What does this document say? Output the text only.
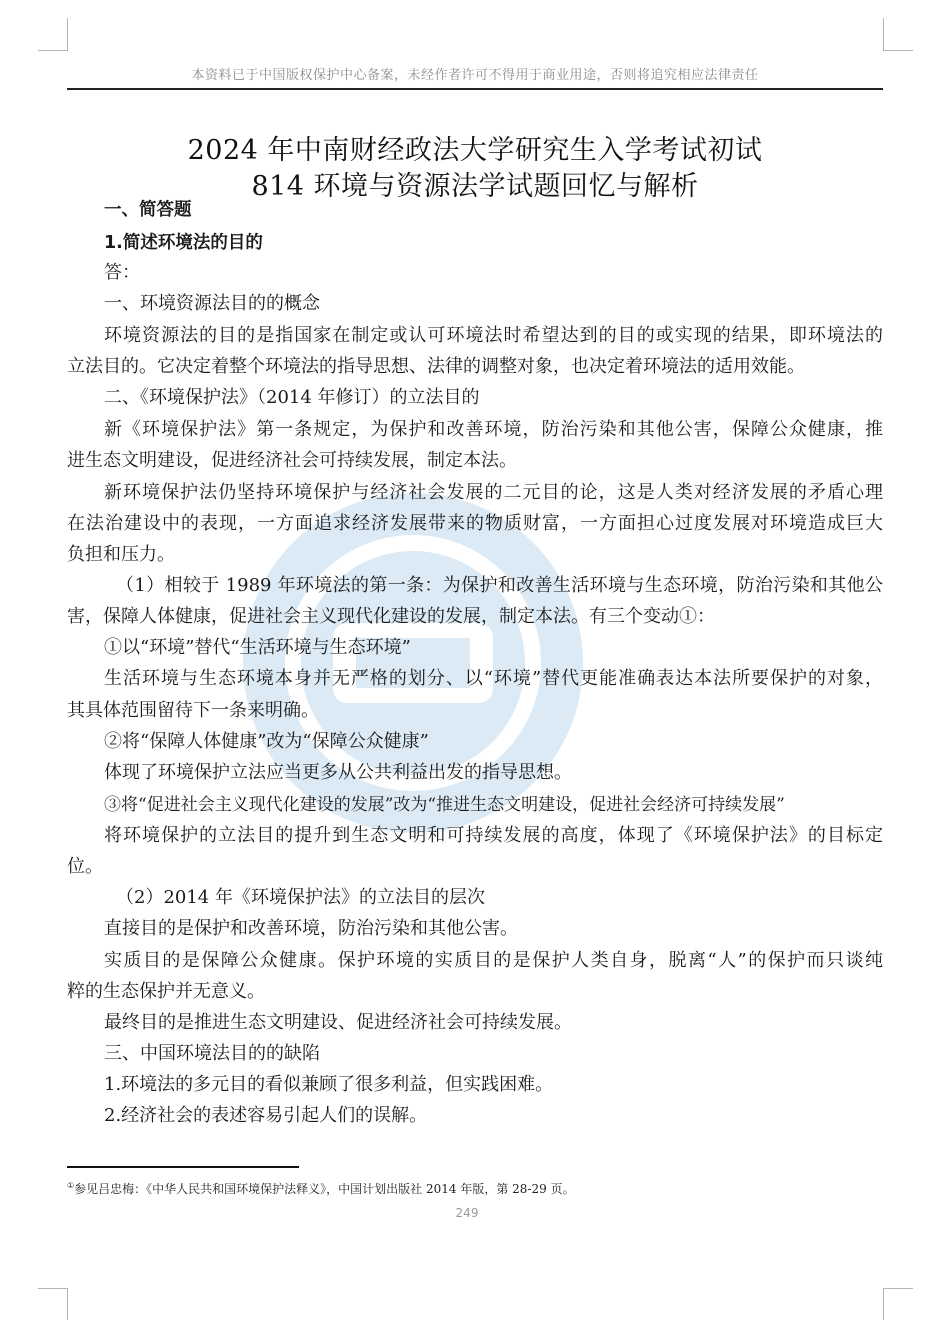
本资料已于中国版权保护中心备案，未经作者许可不得用于商业用途，否则将追究相应法律责任
2024 年中南财经政法大学研究生入学考试初试
814 环境与资源法学试题回忆与解析
一、简答题
1.简述环境法的目的
答：
一、环境资源法目的的概念
环境资源法的目的是指国家在制定或认可环境法时希望达到的目的或实现的结果，即环境法的
立法目的。它决定着整个环境法的指导思想、法律的调整对象，也决定着环境法的适用效能。
二、《环境保护法》（2014 年修订）的立法目的
新《环境保护法》第一条规定，为保护和改善环境，防治污染和其他公害，保障公众健康，推
进生态文明建设，促进经济社会可持续发展，制定本法。
新环境保护法仍坚持环境保护与经济社会发展的二元目的论，这是人类对经济发展的矛盾心理
在法治建设中的表现，一方面追求经济发展带来的物质财富，一方面担心过度发展对环境造成巨大
负担和压力。
（1）相较于 1989 年环境法的第一条：为保护和改善生活环境与生态环境，防治污染和其他公
害，保障人体健康，促进社会主义现代化建设的发展，制定本法。有三个变动①：
①以“环境”替代“生活环境与生态环境”
生活环境与生态环境本身并无严格的划分、以“环境”替代更能准确表达本法所要保护的对象，
其具体范围留待下一条来明确。
②将“保障人体健康”改为“保障公众健康”
体现了环境保护立法应当更多从公共利益出发的指导思想。
③将“促进社会主义现代化建设的发展”改为“推进生态文明建设，促进社会经济可持续发展”
将环境保护的立法目的提升到生态文明和可持续发展的高度，体现了《环境保护法》的目标定
位。
（2）2014 年《环境保护法》的立法目的层次
直接目的是保护和改善环境，防治污染和其他公害。
实质目的是保障公众健康。保护环境的实质目的是保护人类自身，脱离“人”的保护而只谈纯
粹的生态保护并无意义。
最终目的是推进生态文明建设、促进经济社会可持续发展。
三、中国环境法目的的缺陷
1.环境法的多元目的看似兼顾了很多利益，但实践困难。
2.经济社会的表述容易引起人们的误解。
①参见吕忠梅：《中华人民共和国环境保护法释义》，中国计划出版社 2014 年版，第 28-29 页。
249
